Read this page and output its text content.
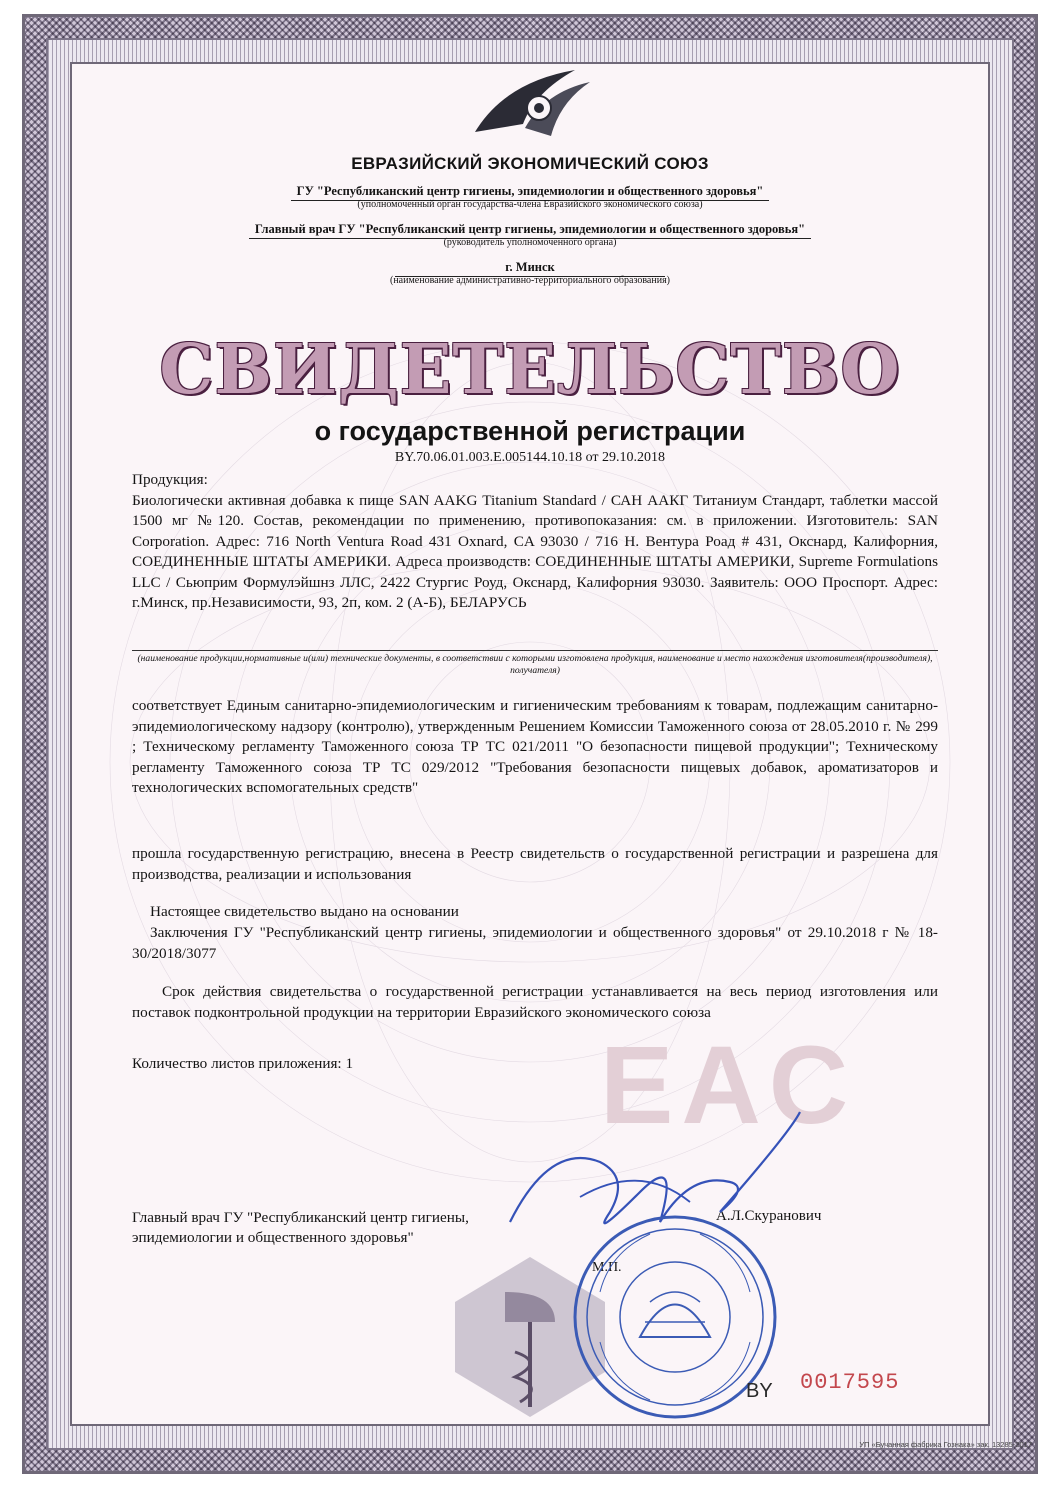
ЕВРАЗИЙСКИЙ ЭКОНОМИЧЕСКИЙ СОЮЗ
ГУ "Республиканский центр гигиены, эпидемиологии и общественного здоровья"
(уполномоченный орган государства-члена Евразийского экономического союза)
Главный врач ГУ "Республиканский центр гигиены, эпидемиологии и общественного здоровья"
(руководитель уполномоченного органа)
г. Минск
(наименование административно-территориального образования)
СВИДЕТЕЛЬСТВО
о государственной регистрации
BY.70.06.01.003.Е.005144.10.18 от 29.10.2018
Продукция:
Биологически активная добавка к пище SAN AAKG Titanium Standard / САН ААКГ Титаниум Стандарт, таблетки массой 1500 мг №120. Состав, рекомендации по применению, противопоказания: см. в приложении. Изготовитель: SAN Corporation. Адрес: 716 North Ventura Road 431 Oxnard, CA 93030 / 716 Н. Вентура Роад # 431, Окснард, Калифорния, СОЕДИНЕННЫЕ ШТАТЫ АМЕРИКИ. Адреса производств: СОЕДИНЕННЫЕ ШТАТЫ АМЕРИКИ, Supreme Formulations LLC / Сьюприм Формулэйшнз ЛЛС, 2422 Стургис Роуд, Окснард, Калифорния 93030. Заявитель: ООО Проспорт. Адрес: г.Минск, пр.Независимости, 93, 2п, ком. 2 (А-Б), БЕЛАРУСЬ
(наименование продукции,нормативные и(или) технические документы, в соответствии с которыми изготовлена продукция, наименование и место нахождения изготовителя(производителя), получателя)
соответствует Единым санитарно-эпидемиологическим и гигиеническим требованиям к товарам, подлежащим санитарно-эпидемиологическому надзору (контролю), утвержденным Решением Комиссии Таможенного союза от 28.05.2010 г. № 299 ; Техническому регламенту Таможенного союза ТР ТС 021/2011 "О безопасности пищевой продукции"; Техническому регламенту Таможенного союза ТР ТС 029/2012 "Требования безопасности пищевых добавок, ароматизаторов и технологических вспомогательных средств"
прошла государственную регистрацию, внесена в Реестр свидетельств о государственной регистрации и разрешена для производства, реализации и использования
Настоящее свидетельство выдано на основании
Заключения ГУ "Республиканский центр гигиены, эпидемиологии и общественного здоровья" от 29.10.2018 г № 18-30/2018/3077
Срок действия свидетельства о государственной регистрации устанавливается на весь период изготовления или поставок подконтрольной продукции на территории Евразийского экономического союза
Количество листов приложения: 1	EAC
Главный врач ГУ "Республиканский центр гигиены, эпидемиологии и общественного здоровья"
А.Л.Скуранович
М.П.
BY 0017595
УП «Бучанная фабрика Гознака» зак. 13285-2017
